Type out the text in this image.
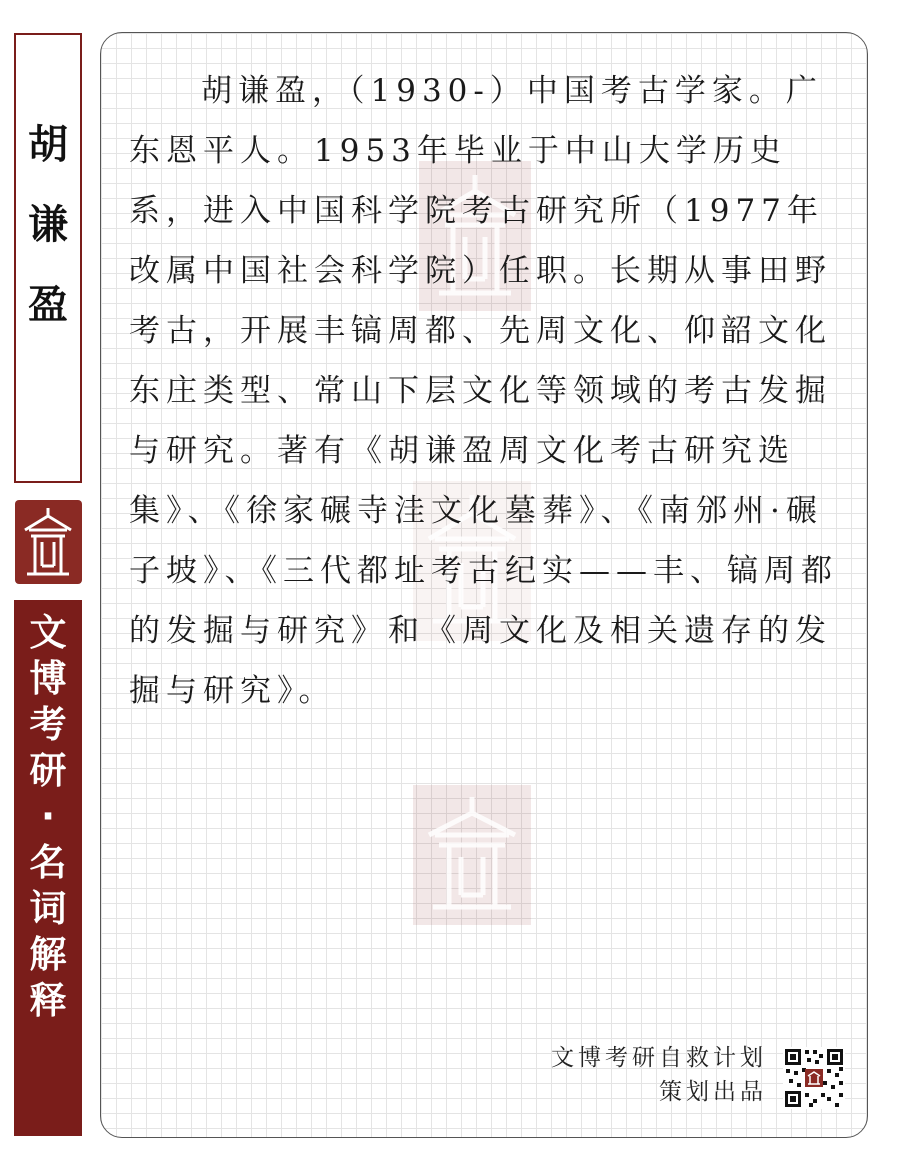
胡
谦
盈
文
博
考
研
·
名
词
解
释

胡谦盈，（1930-）中国考古学家。广东恩平人。1953年毕业于中山大学历史系，进入中国科学院考古研究所（1977年改属中国社会科学院）任职。长期从事田野考古，开展丰镐周都、先周文化、仰韶文化东庄类型、常山下层文化等领域的考古发掘与研究。著有《胡谦盈周文化考古研究选集》、《徐家碾寺洼文化墓葬》、《南邠州·碾子坡》、《三代都址考古纪实——丰、镐周都的发掘与研究》和《周文化及相关遗存的发掘与研究》。

文博考研自救计划
策划出品
